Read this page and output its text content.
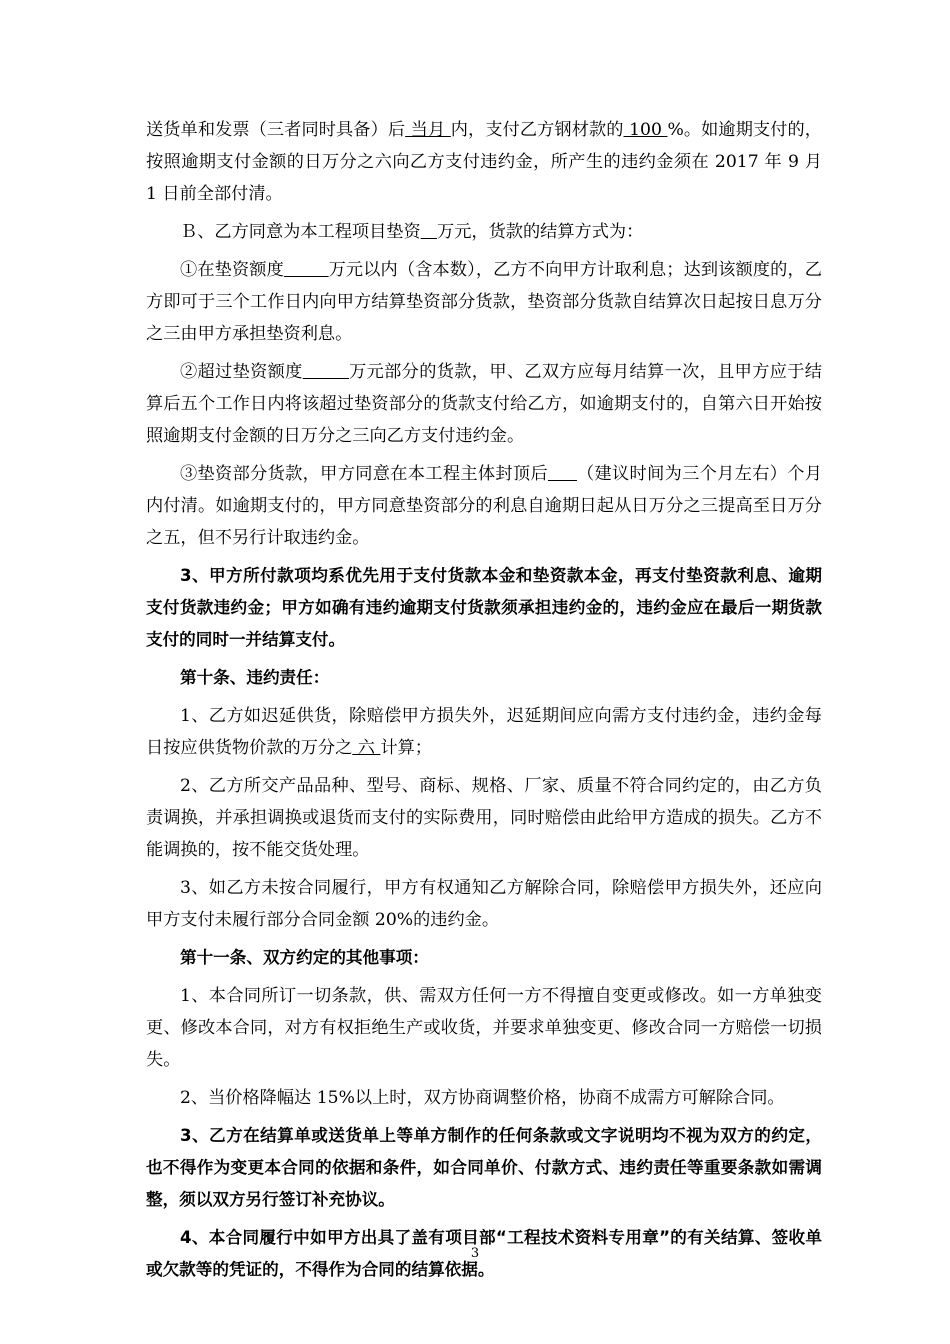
送货单和发票（三者同时具备）后 当月 内，支付乙方钢材款的 100 %。如逾期支付的，按照逾期支付金额的日万分之六向乙方支付违约金，所产生的违约金须在 2017 年 9 月 1 日前全部付清。

Ｂ、乙方同意为本工程项目垫资 万元，货款的结算方式为：

①在垫资额度	万元以内（含本数），乙方不向甲方计取利息；达到该额度的，乙方即可于三个工作日内向甲方结算垫资部分货款，垫资部分货款自结算次日起按日息万分之三由甲方承担垫资利息。

②超过垫资额度	万元部分的货款，甲、乙双方应每月结算一次，且甲方应于结算后五个工作日内将该超过垫资部分的货款支付给乙方，如逾期支付的，自第六日开始按照逾期支付金额的日万分之三向乙方支付违约金。

③垫资部分货款，甲方同意在本工程主体封顶后 （建议时间为三个月左右）个月内付清。如逾期支付的，甲方同意垫资部分的利息自逾期日起从日万分之三提高至日万分之五，但不另行计取违约金。

3、甲方所付款项均系优先用于支付货款本金和垫资款本金，再支付垫资款利息、逾期支付货款违约金；甲方如确有违约逾期支付货款须承担违约金的，违约金应在最后一期货款支付的同时一并结算支付。

第十条、违约责任：

1、乙方如迟延供货，除赔偿甲方损失外，迟延期间应向需方支付违约金，违约金每日按应供货物价款的万分之 六 计算；

2、乙方所交产品品种、型号、商标、规格、厂家、质量不符合同约定的，由乙方负责调换，并承担调换或退货而支付的实际费用，同时赔偿由此给甲方造成的损失。乙方不能调换的，按不能交货处理。

3、如乙方未按合同履行，甲方有权通知乙方解除合同，除赔偿甲方损失外，还应向甲方支付未履行部分合同金额 20%的违约金。

第十一条、双方约定的其他事项：

1、本合同所订一切条款，供、需双方任何一方不得擅自变更或修改。如一方单独变更、修改本合同，对方有权拒绝生产或收货，并要求单独变更、修改合同一方赔偿一切损失。

2、当价格降幅达 15%以上时，双方协商调整价格，协商不成需方可解除合同。

3、乙方在结算单或送货单上等单方制作的任何条款或文字说明均不视为双方的约定，也不得作为变更本合同的依据和条件，如合同单价、付款方式、违约责任等重要条款如需调整，须以双方另行签订补充协议。

4、本合同履行中如甲方出具了盖有项目部“工程技术资料专用章”的有关结算、签收单或欠款等的凭证的，不得作为合同的结算依据。

3
